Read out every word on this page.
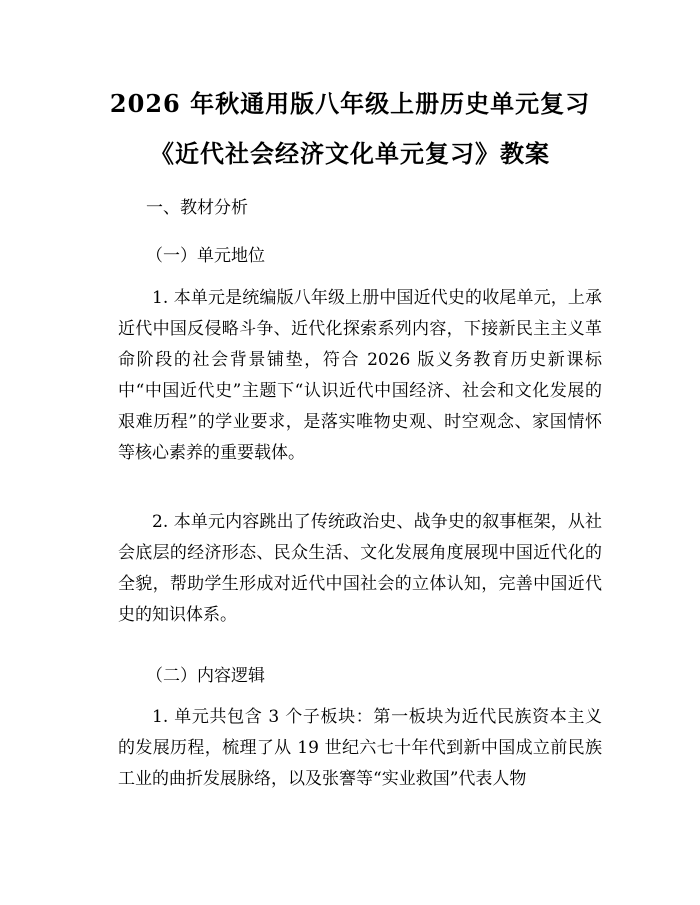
2026 年秋通用版八年级上册历史单元复习
《近代社会经济文化单元复习》教案
一、教材分析
（一）单元地位
1. 本单元是统编版八年级上册中国近代史的收尾单元，上承近代中国反侵略斗争、近代化探索系列内容，下接新民主主义革命阶段的社会背景铺垫，符合 2026 版义务教育历史新课标中“中国近代史”主题下“认识近代中国经济、社会和文化发展的艰难历程”的学业要求，是落实唯物史观、时空观念、家国情怀等核心素养的重要载体。
2. 本单元内容跳出了传统政治史、战争史的叙事框架，从社会底层的经济形态、民众生活、文化发展角度展现中国近代化的全貌，帮助学生形成对近代中国社会的立体认知，完善中国近代史的知识体系。
（二）内容逻辑
1. 单元共包含 3 个子板块：第一板块为近代民族资本主义的发展历程，梳理了从 19 世纪六七十年代到新中国成立前民族工业的曲折发展脉络，以及张謇等“实业救国”代表人物
